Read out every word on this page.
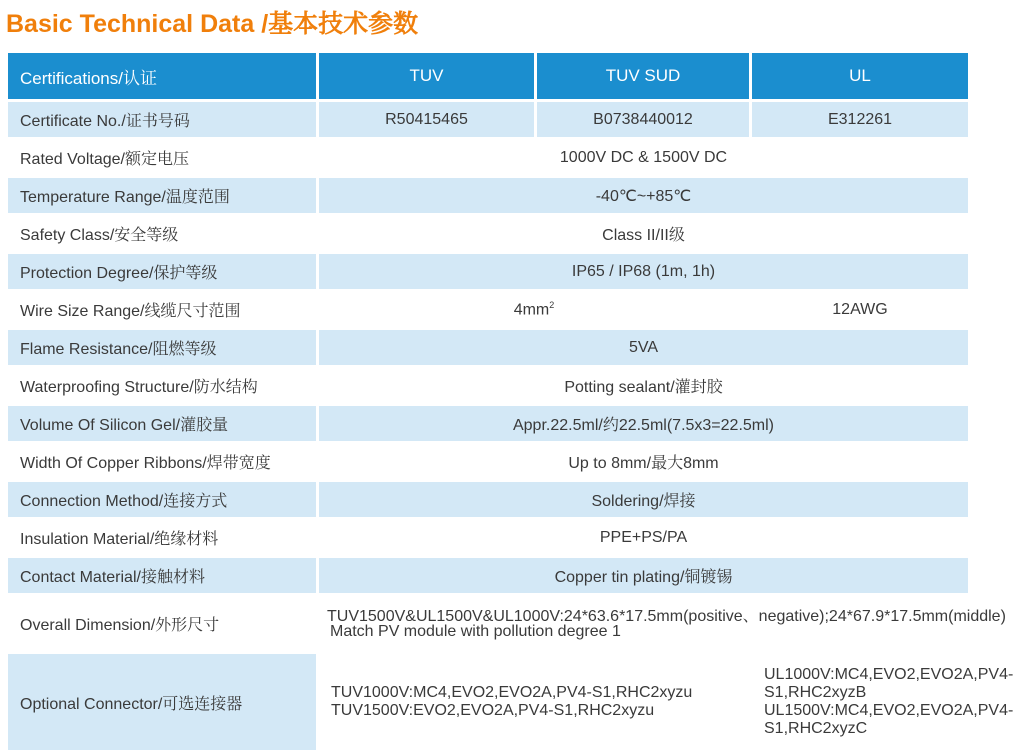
Basic Technical Data /基本技术参数
Certifications/认证	TUV	TUV SUD	UL
Certificate No./证书号码	R50415465	B0738440012	E312261
Rated Voltage/额定电压	1000V DC & 1500V DC		
Temperature Range/温度范围	-40℃~+85℃		
Safety Class/安全等级	Class II/II级		
Protection Degree/保护等级	IP65 / IP68 (1m, 1h)		
Wire Size Range/线缆尺寸范围	$4mm^2$		12AWG
Flame Resistance/阻燃等级	5VA		
Waterproofing Structure/防水结构	Potting sealant/灌封胶		
Volume Of Silicon Gel/灌胶量	Appr.22.5ml/约22.5ml(7.5x3=22.5ml)		
Width Of Copper Ribbons/焊带宽度	Up to 8mm/最大8mm		
Connection Method/连接方式	Soldering/焊接		
Insulation Material/绝缘材料	PPE+PS/PA		
Contact Material/接触材料	Copper tin plating/铜镀锡		
Overall Dimension/外形尺寸	TUV1500V&UL1500V&UL1000V:24*63.6*17.5mm(positive、negative);24*67.9*17.5mm(middle)
Match PV module with pollution degree 1		

Optional Connector/可选连接器	TUV1000V:MC4,EVO2,EVO2A,PV4-S1,RHC2xyzu TUV1500V:EVO2,EVO2A,PV4-S1,RHC2xyzu		UL1000V:MC4,EVO2,EVO2A,PV4-S1,RHC2xyzB UL1500V:MC4,EVO2,EVO2A,PV4-S1,RHC2xyzC
